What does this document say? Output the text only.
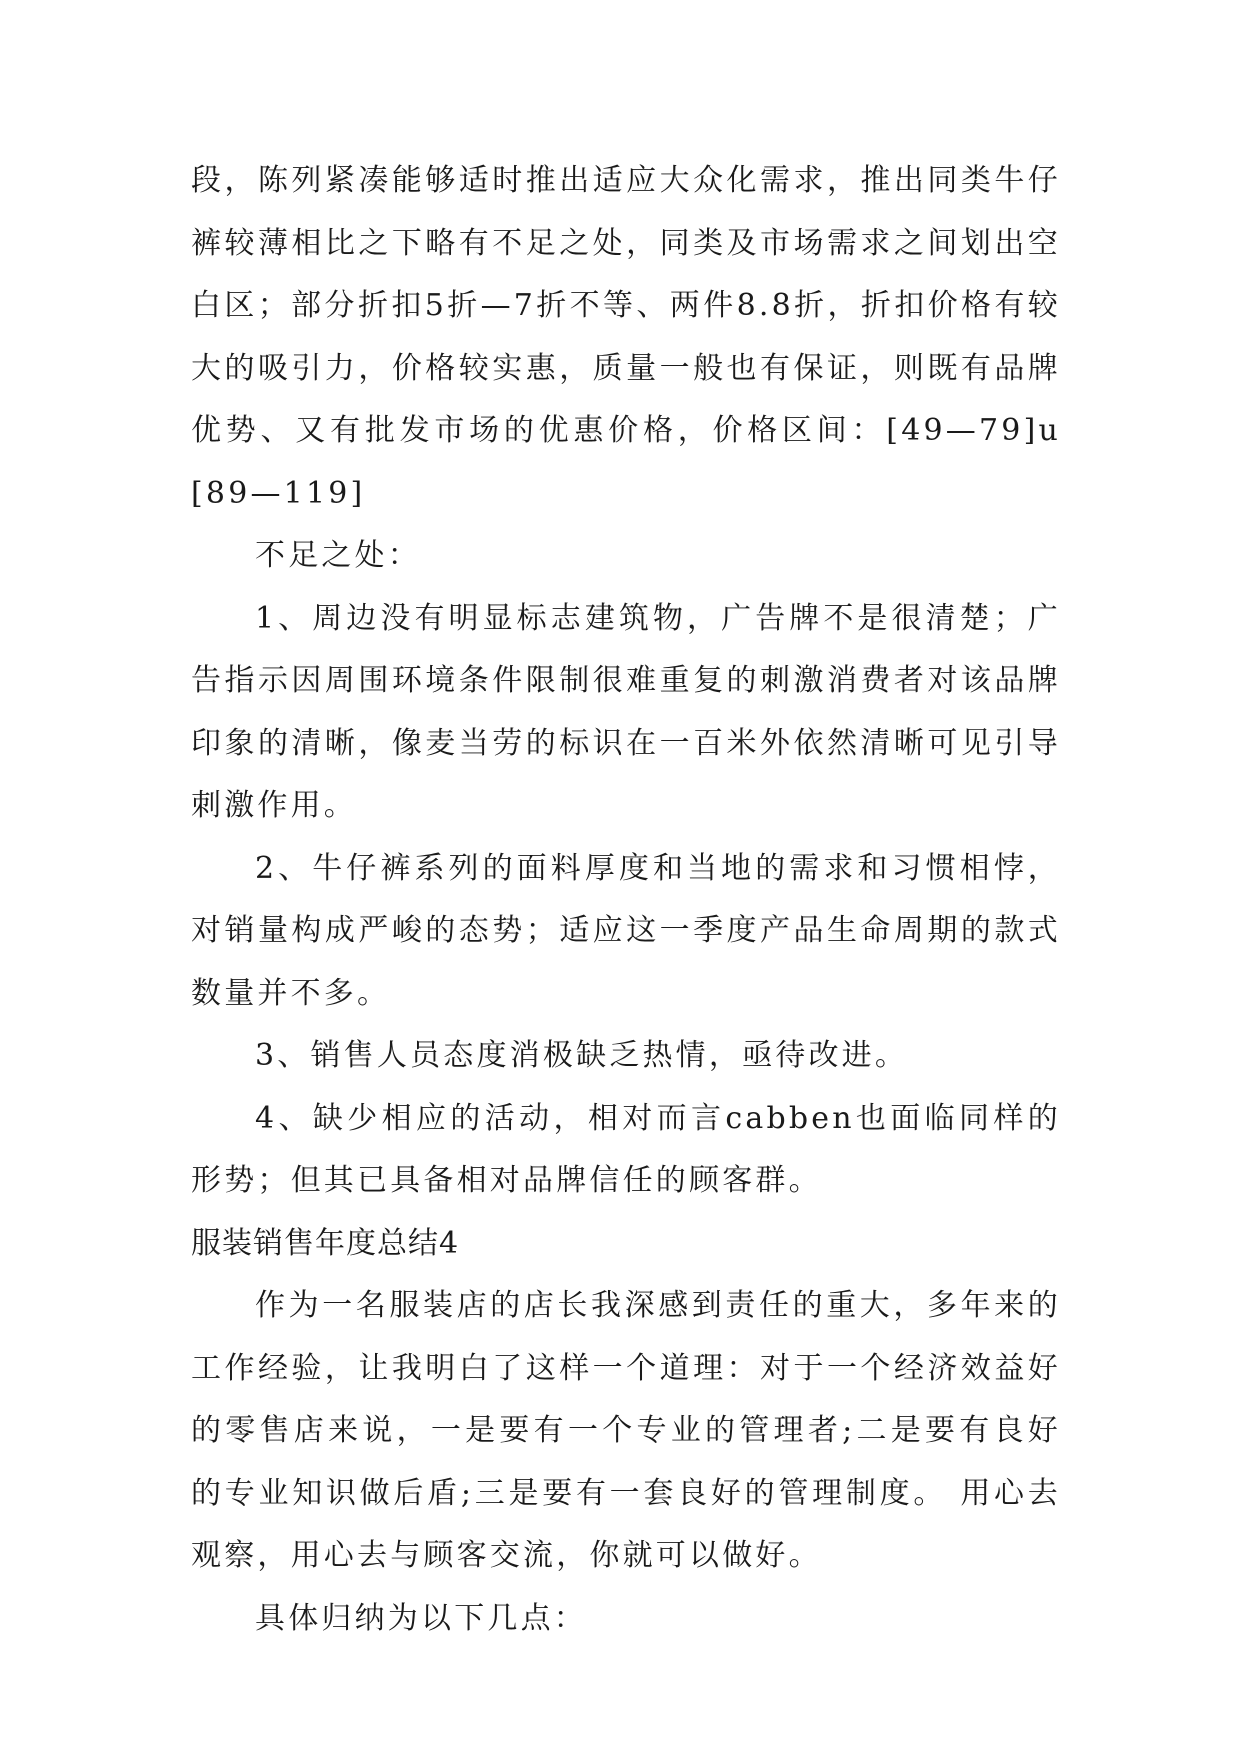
段，陈列紧凑能够适时推出适应大众化需求，推出同类牛仔裤较薄相比之下略有不足之处，同类及市场需求之间划出空白区；部分折扣5折—7折不等、两件8.8折，折扣价格有较大的吸引力，价格较实惠，质量一般也有保证，则既有品牌优势、又有批发市场的优惠价格，价格区间：[49—79]u[89—119]

不足之处：

1、周边没有明显标志建筑物，广告牌不是很清楚；广告指示因周围环境条件限制很难重复的刺激消费者对该品牌印象的清晰，像麦当劳的标识在一百米外依然清晰可见引导刺激作用。

2、牛仔裤系列的面料厚度和当地的需求和习惯相悖，对销量构成严峻的态势；适应这一季度产品生命周期的款式数量并不多。

3、销售人员态度消极缺乏热情，亟待改进。

4、缺少相应的活动，相对而言cabben也面临同样的形势；但其已具备相对品牌信任的顾客群。

服装销售年度总结4

作为一名服装店的店长我深感到责任的重大，多年来的工作经验，让我明白了这样一个道理：对于一个经济效益好的零售店来说，一是要有一个专业的管理者;二是要有良好的专业知识做后盾;三是要有一套良好的管理制度。 用心去观察，用心去与顾客交流，你就可以做好。

具体归纳为以下几点：
